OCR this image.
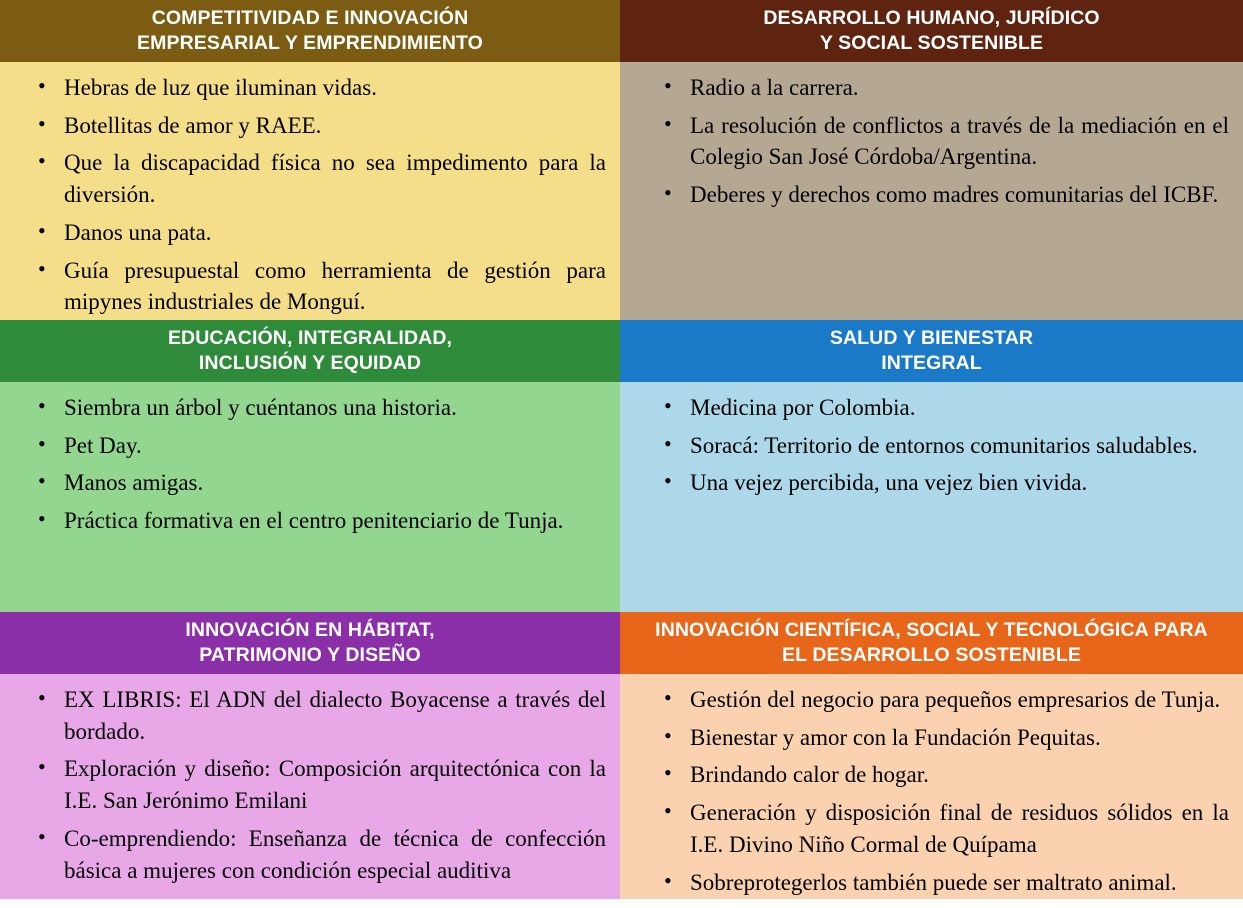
COMPETITIVIDAD E INNOVACIÓN
EMPRESARIAL Y EMPRENDIMIENTO
DESARROLLO HUMANO, JURÍDICO
Y SOCIAL SOSTENIBLE
• Hebras de luz que iluminan vidas.
• Botellitas de amor y RAEE.
• Que la discapacidad física no sea impedimento para la diversión.
• Danos una pata.
• Guía presupuestal como herramienta de gestión para mipynes industriales de Monguí.
• Radio a la carrera.
• La resolución de conflictos a través de la mediación en el Colegio San José Córdoba/Argentina.
• Deberes y derechos como madres comunitarias del ICBF.
EDUCACIÓN, INTEGRALIDAD,
INCLUSIÓN Y EQUIDAD
SALUD Y BIENESTAR
INTEGRAL
• Siembra un árbol y cuéntanos una historia.
• Pet Day.
• Manos amigas.
• Práctica formativa en el centro penitenciario de Tunja.
• Medicina por Colombia.
• Soracá: Territorio de entornos comunitarios saludables.
• Una vejez percibida, una vejez bien vivida.
INNOVACIÓN EN HÁBITAT,
PATRIMONIO Y DISEÑO
INNOVACIÓN CIENTÍFICA, SOCIAL Y TECNOLÓGICA PARA
EL DESARROLLO SOSTENIBLE
• EX LIBRIS: El ADN del dialecto Boyacense a través del bordado.
• Exploración y diseño: Composición arquitectónica con la I.E. San Jerónimo Emilani
• Co-emprendiendo: Enseñanza de técnica de confección básica a mujeres con condición especial auditiva
• Gestión del negocio para pequeños empresarios de Tunja.
• Bienestar y amor con la Fundación Pequitas.
• Brindando calor de hogar.
• Generación y disposición final de residuos sólidos en la I.E. Divino Niño Cormal de Quípama
• Sobreprotegerlos también puede ser maltrato animal.
